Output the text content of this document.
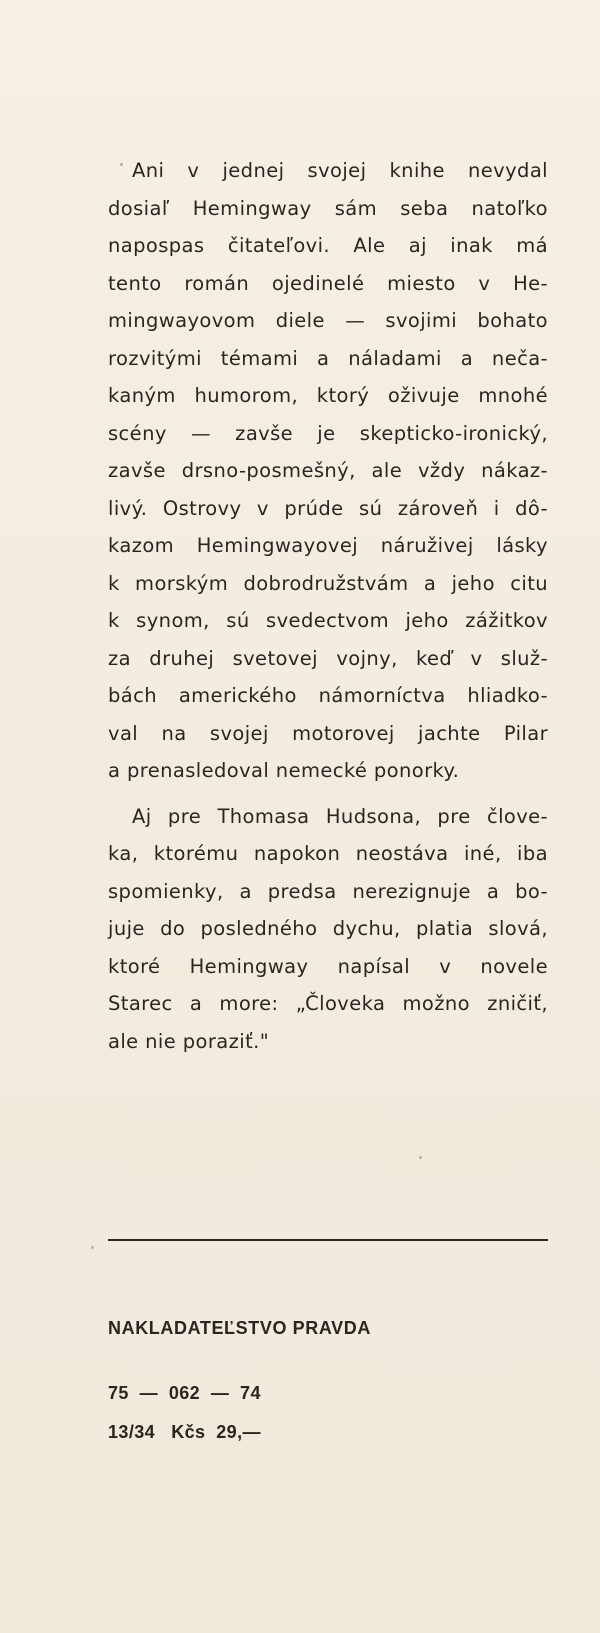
Ani v jednej svojej knihe nevydal
dosiaľ Hemingway sám seba natoľko
napospas čitateľovi. Ale aj inak má
tento román ojedinelé miesto v He-
mingwayovom diele — svojimi bohato
rozvitými témami a náladami a neča-
kaným humorom, ktorý oživuje mnohé
scény — zavše je skepticko-ironický,
zavše drsno-posmešný, ale vždy nákaz-
livý. Ostrovy v prúde sú zároveň i dô-
kazom Hemingwayovej náruživej lásky
k morským dobrodružstvám a jeho citu
k synom, sú svedectvom jeho zážitkov
za druhej svetovej vojny, keď v služ-
bách amerického námorníctva hliadko-
val na svojej motorovej jachte Pilar
a prenasledoval nemecké ponorky.
Aj pre Thomasa Hudsona, pre člove-
ka, ktorému napokon neostáva iné, iba
spomienky, a predsa nerezignuje a bo-
juje do posledného dychu, platia slová,
ktoré Hemingway napísal v novele
Starec a more: „Človeka možno zničiť,
ale nie poraziť."
NAKLADATEĽSTVO PRAVDA
75  —  062  —  74
13/34   Kčs  29,—
